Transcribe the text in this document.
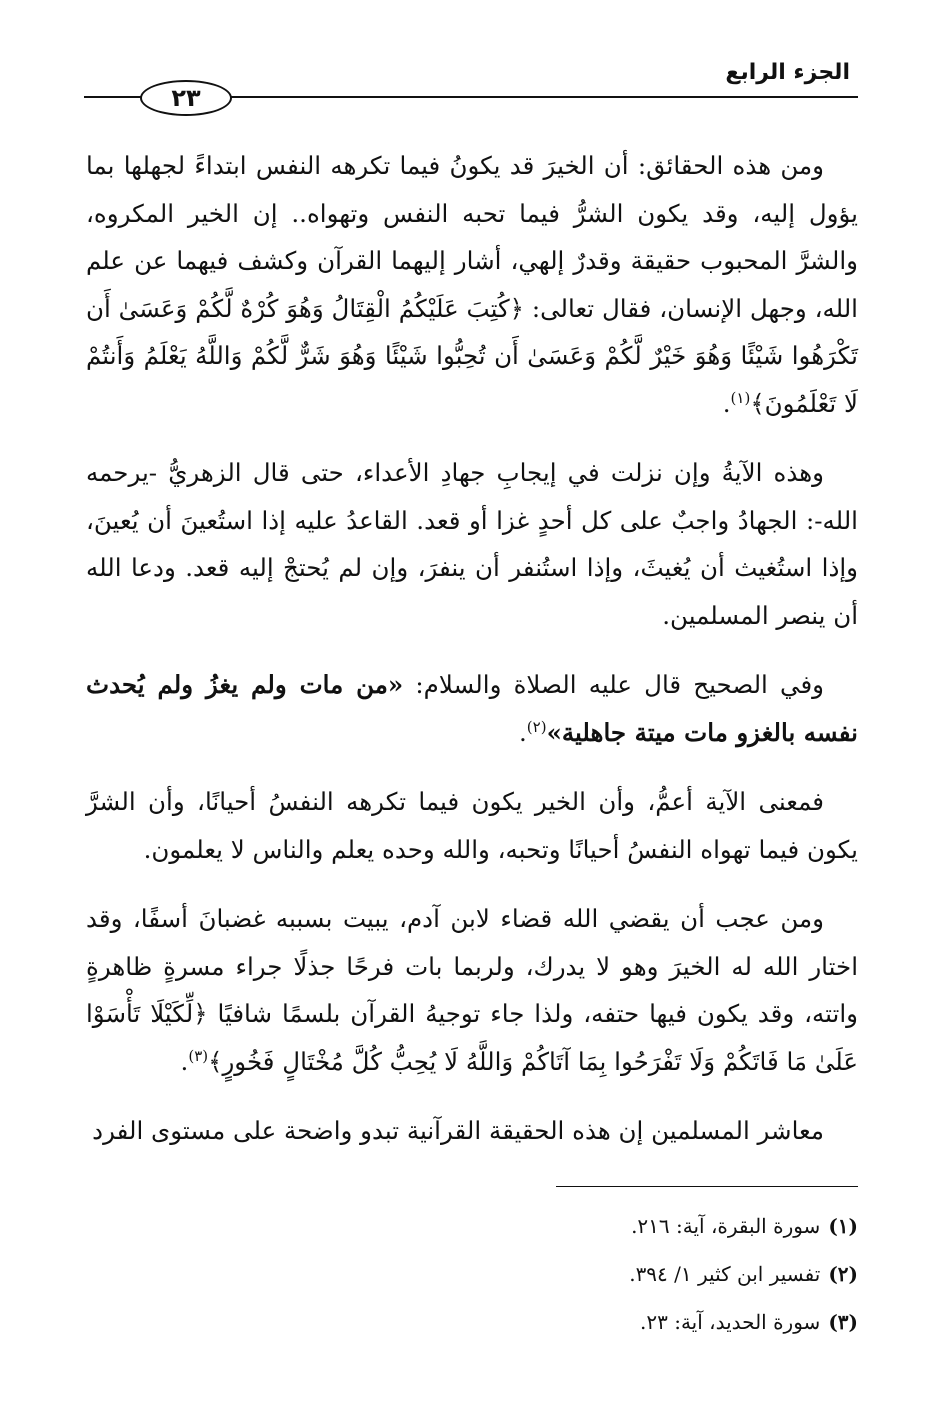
الجزء الرابع
٢٣

ومن هذه الحقائق: أن الخيرَ قد يكونُ فيما تكرهه النفس ابتداءً لجهلها بما يؤول إليه، وقد يكون الشرُّ فيما تحبه النفس وتهواه.. إن الخير المكروه، والشرَّ المحبوب حقيقة وقدرٌ إلهي، أشار إليهما القرآن وكشف فيهما عن علم الله، وجهل الإنسان، فقال تعالى: ﴿كُتِبَ عَلَيْكُمُ الْقِتَالُ وَهُوَ كُرْهٌ لَّكُمْ وَعَسَىٰ أَن تَكْرَهُوا شَيْئًا وَهُوَ خَيْرٌ لَّكُمْ وَعَسَىٰ أَن تُحِبُّوا شَيْئًا وَهُوَ شَرٌّ لَّكُمْ وَاللَّهُ يَعْلَمُ وَأَنتُمْ لَا تَعْلَمُونَ﴾$^{(١)}$.

وهذه الآيةُ وإن نزلت في إيجابِ جهادِ الأعداء، حتى قال الزهريُّ -يرحمه الله-: الجهادُ واجبٌ على كل أحدٍ غزا أو قعد. القاعدُ عليه إذا استُعينَ أن يُعينَ، وإذا استُغيث أن يُغيثَ، وإذا استُنفر أن ينفرَ، وإن لم يُحتجْ إليه قعد. ودعا الله أن ينصر المسلمين.

وفي الصحيح قال عليه الصلاة والسلام: «من مات ولم يغزُ ولم يُحدث نفسه بالغزو مات ميتة جاهلية»$^{(٢)}$.

فمعنى الآية أعمُّ، وأن الخير يكون فيما تكرهه النفسُ أحيانًا، وأن الشرَّ يكون فيما تهواه النفسُ أحيانًا وتحبه، والله وحده يعلم والناس لا يعلمون.

ومن عجب أن يقضي الله قضاء لابن آدم، يبيت بسببه غضبانَ أسفًا، وقد اختار الله له الخيرَ وهو لا يدرك، ولربما بات فرحًا جذلًا جراء مسرةٍ ظاهرةٍ واتته، وقد يكون فيها حتفه، ولذا جاء توجيهُ القرآن بلسمًا شافيًا ﴿لِّكَيْلَا تَأْسَوْا عَلَىٰ مَا فَاتَكُمْ وَلَا تَفْرَحُوا بِمَا آتَاكُمْ وَاللَّهُ لَا يُحِبُّ كُلَّ مُخْتَالٍ فَخُورٍ﴾$^{(٣)}$.

معاشر المسلمين إن هذه الحقيقة القرآنية تبدو واضحة على مستوى الفرد

(١)سورة البقرة، آية: ٢١٦.

(٢)تفسير ابن كثير ١/ ٣٩٤.

(٣)سورة الحديد، آية: ٢٣.
